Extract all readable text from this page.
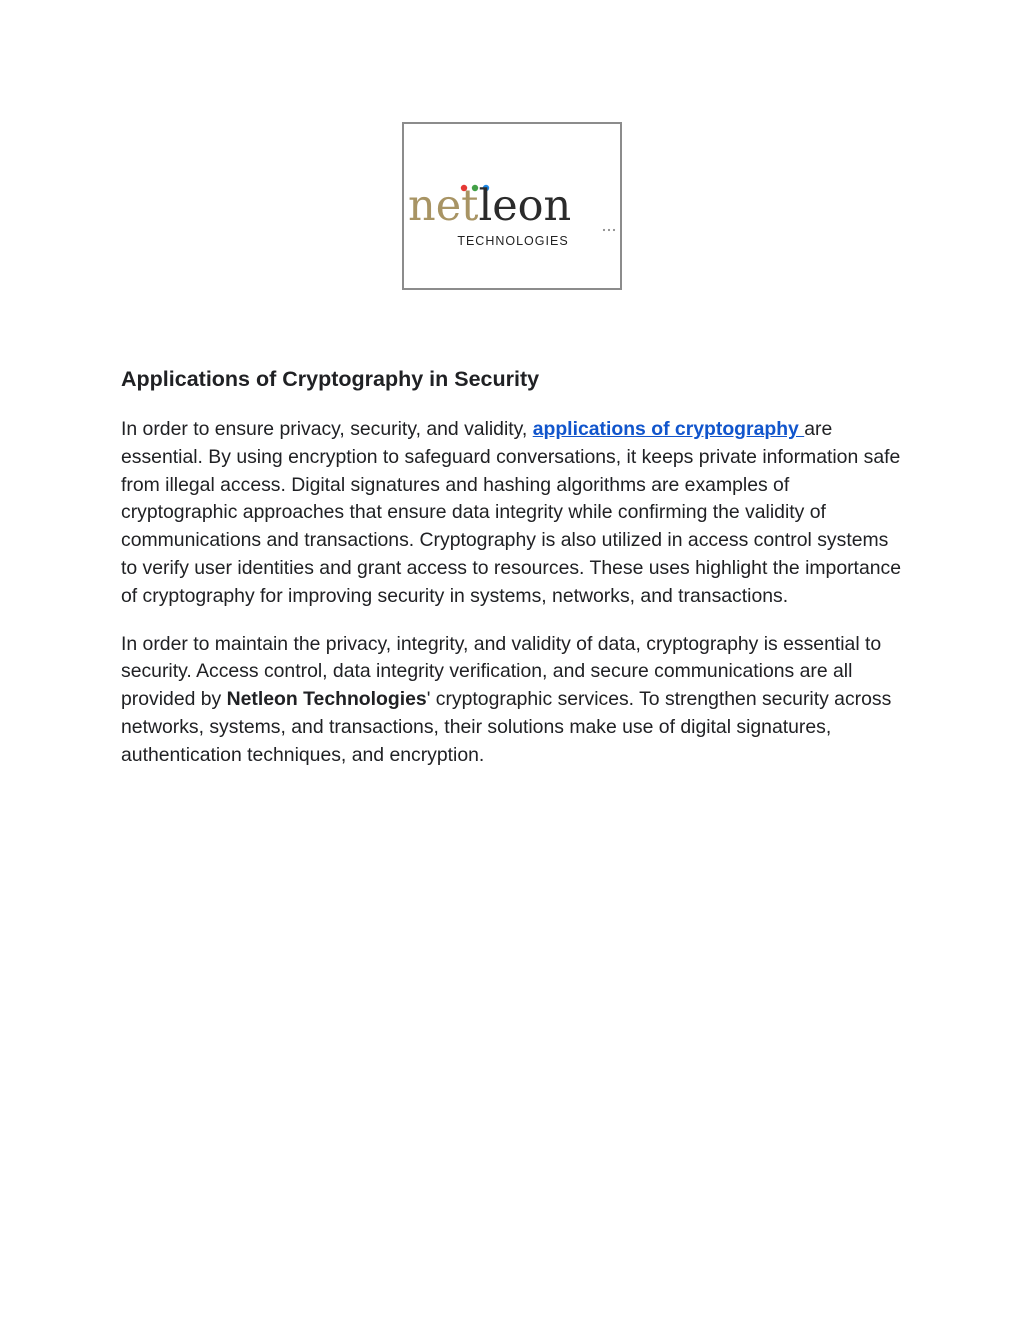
netleon
TECHNOLOGIES
Applications of Cryptography in Security

In order to ensure privacy, security, and validity, applications of cryptography are essential. By using encryption to safeguard conversations, it keeps private information safe from illegal access. Digital signatures and hashing algorithms are examples of cryptographic approaches that ensure data integrity while confirming the validity of communications and transactions. Cryptography is also utilized in access control systems to verify user identities and grant access to resources. These uses highlight the importance of cryptography for improving security in systems, networks, and transactions.

In order to maintain the privacy, integrity, and validity of data, cryptography is essential to security. Access control, data integrity verification, and secure communications are all provided by Netleon Technologies' cryptographic services. To strengthen security across networks, systems, and transactions, their solutions make use of digital signatures, authentication techniques, and encryption.
